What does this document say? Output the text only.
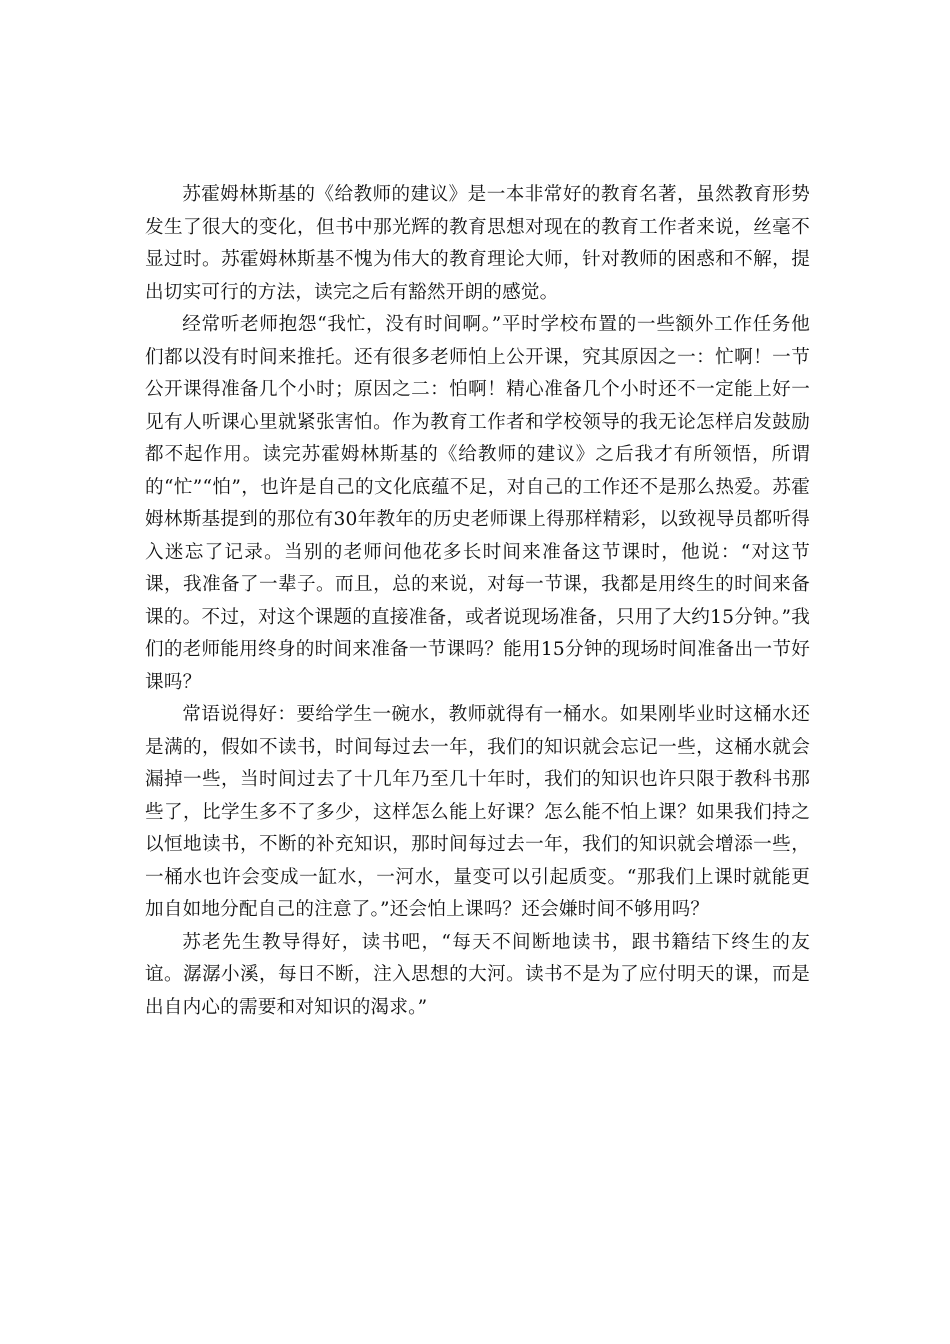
苏霍姆林斯基的《给教师的建议》是一本非常好的教育名著，虽然教育形势发生了很大的变化，但书中那光辉的教育思想对现在的教育工作者来说，丝毫不显过时。苏霍姆林斯基不愧为伟大的教育理论大师，针对教师的困惑和不解，提出切实可行的方法，读完之后有豁然开朗的感觉。

经常听老师抱怨“我忙，没有时间啊。”平时学校布置的一些额外工作任务他们都以没有时间来推托。还有很多老师怕上公开课，究其原因之一：忙啊！一节公开课得准备几个小时；原因之二：怕啊！精心准备几个小时还不一定能上好一见有人听课心里就紧张害怕。作为教育工作者和学校领导的我无论怎样启发鼓励都不起作用。读完苏霍姆林斯基的《给教师的建议》之后我才有所领悟，所谓的“忙”“怕”，也许是自己的文化底蕴不足，对自己的工作还不是那么热爱。苏霍姆林斯基提到的那位有30年教年的历史老师课上得那样精彩，以致视导员都听得入迷忘了记录。当别的老师问他花多长时间来准备这节课时，他说：“对这节课，我准备了一辈子。而且，总的来说，对每一节课，我都是用终生的时间来备课的。不过，对这个课题的直接准备，或者说现场准备，只用了大约15分钟。”我们的老师能用终身的时间来准备一节课吗？能用15分钟的现场时间准备出一节好课吗？

常语说得好：要给学生一碗水，教师就得有一桶水。如果刚毕业时这桶水还是满的，假如不读书，时间每过去一年，我们的知识就会忘记一些，这桶水就会漏掉一些，当时间过去了十几年乃至几十年时，我们的知识也许只限于教科书那些了，比学生多不了多少，这样怎么能上好课？怎么能不怕上课？如果我们持之以恒地读书，不断的补充知识，那时间每过去一年，我们的知识就会增添一些，一桶水也许会变成一缸水，一河水，量变可以引起质变。“那我们上课时就能更加自如地分配自己的注意了。”还会怕上课吗？还会嫌时间不够用吗？

苏老先生教导得好，读书吧，“每天不间断地读书，跟书籍结下终生的友谊。潺潺小溪，每日不断，注入思想的大河。读书不是为了应付明天的课，而是出自内心的需要和对知识的渴求。”
